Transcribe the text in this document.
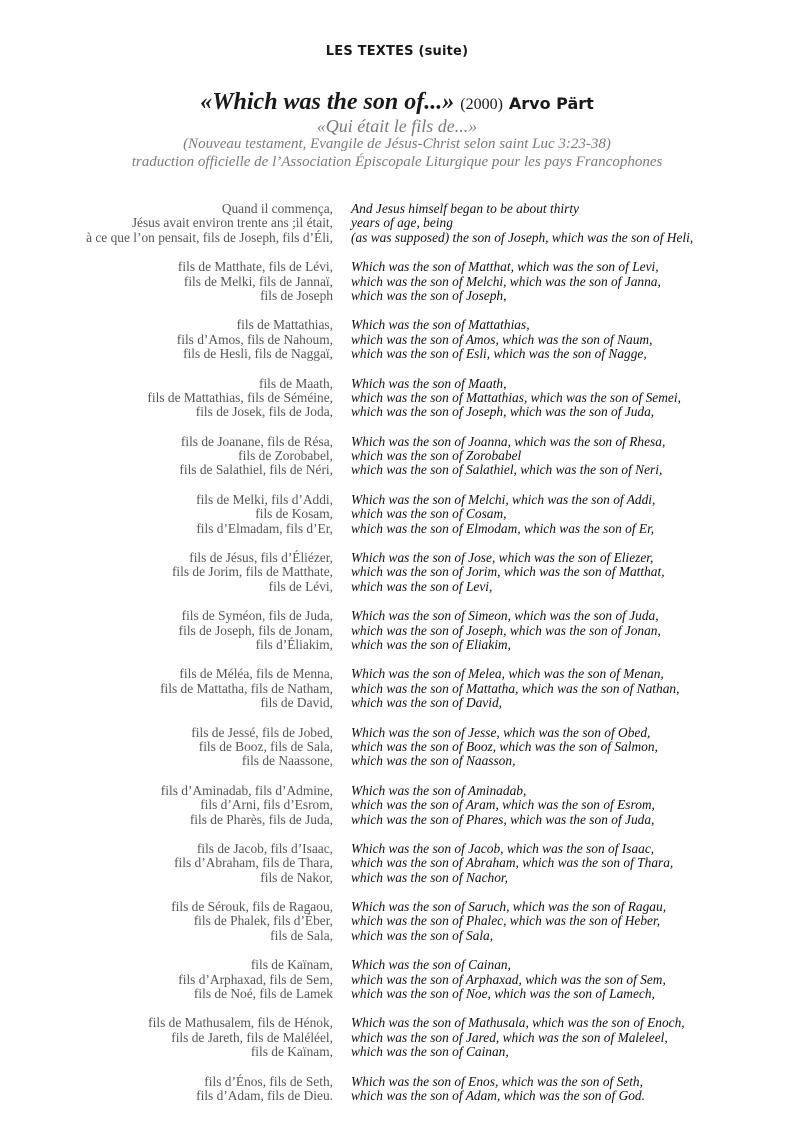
LES TEXTES (suite)
«Which was the son of...» (2000) Arvo Pärt
«Qui était le fils de...»
(Nouveau testament, Evangile de Jésus-Christ selon saint Luc 3:23-38)
traduction officielle de l’Association Épiscopale Liturgique pour les pays Francophones
Quand il commença,
Jésus avait environ trente ans ;il était,
à ce que l’on pensait, fils de Joseph, fils d’Éli,
And Jesus himself began to be about thirty
years of age, being
(as was supposed) the son of Joseph, which was the son of Heli,
fils de Matthate, fils de Lévi,
fils de Melki, fils de Jannaï,
fils de Joseph
Which was the son of Matthat, which was the son of Levi,
which was the son of Melchi, which was the son of Janna,
which was the son of Joseph,
fils de Mattathias,
fils d’Amos, fils de Nahoum,
fils de Hesli, fils de Naggaï,
Which was the son of Mattathias,
which was the son of Amos, which was the son of Naum,
which was the son of Esli, which was the son of Nagge,
fils de Maath,
fils de Mattathias, fils de Séméine,
fils de Josek, fils de Joda,
Which was the son of Maath,
which was the son of Mattathias, which was the son of Semei,
which was the son of Joseph, which was the son of Juda,
fils de Joanane, fils de Résa,
fils de Zorobabel,
fils de Salathiel, fils de Néri,
Which was the son of Joanna, which was the son of Rhesa,
which was the son of Zorobabel
which was the son of Salathiel, which was the son of Neri,
fils de Melki, fils d’Addi,
fils de Kosam,
fils d’Elmadam, fils d’Er,
Which was the son of Melchi, which was the son of Addi,
which was the son of Cosam,
which was the son of Elmodam, which was the son of Er,
fils de Jésus, fils d’Éliézer,
fils de Jorim, fils de Matthate,
fils de Lévi,
Which was the son of Jose, which was the son of Eliezer,
which was the son of Jorim, which was the son of Matthat,
which was the son of Levi,
fils de Syméon, fils de Juda,
fils de Joseph, fils de Jonam,
fils d’Éliakim,
Which was the son of Simeon, which was the son of Juda,
which was the son of Joseph, which was the son of Jonan,
which was the son of Eliakim,
fils de Méléa, fils de Menna,
fils de Mattatha, fils de Natham,
fils de David,
Which was the son of Melea, which was the son of Menan,
which was the son of Mattatha, which was the son of Nathan,
which was the son of David,
fils de Jessé, fils de Jobed,
fils de Booz, fils de Sala,
fils de Naassone,
Which was the son of Jesse, which was the son of Obed,
which was the son of Booz, which was the son of Salmon,
which was the son of Naasson,
fils d’Aminadab, fils d’Admine,
fils d’Arni, fils d’Esrom,
fils de Pharès, fils de Juda,
Which was the son of Aminadab,
which was the son of Aram, which was the son of Esrom,
which was the son of Phares, which was the son of Juda,
fils de Jacob, fils d’Isaac,
fils d’Abraham, fils de Thara,
fils de Nakor,
Which was the son of Jacob, which was the son of Isaac,
which was the son of Abraham, which was the son of Thara,
which was the son of Nachor,
fils de Sérouk, fils de Ragaou,
fils de Phalek, fils d’Éber,
fils de Sala,
Which was the son of Saruch, which was the son of Ragau,
which was the son of Phalec, which was the son of Heber,
which was the son of Sala,
fils de Kaïnam,
fils d’Arphaxad, fils de Sem,
fils de Noé, fils de Lamek
Which was the son of Cainan,
which was the son of Arphaxad, which was the son of Sem,
which was the son of Noe, which was the son of Lamech,
fils de Mathusalem, fils de Hénok,
fils de Jareth, fils de Maléléel,
fils de Kaïnam,
Which was the son of Mathusala, which was the son of Enoch,
which was the son of Jared, which was the son of Maleleel,
which was the son of Cainan,
fils d’Énos, fils de Seth,
fils d’Adam, fils de Dieu.
Which was the son of Enos, which was the son of Seth,
which was the son of Adam, which was the son of God.
